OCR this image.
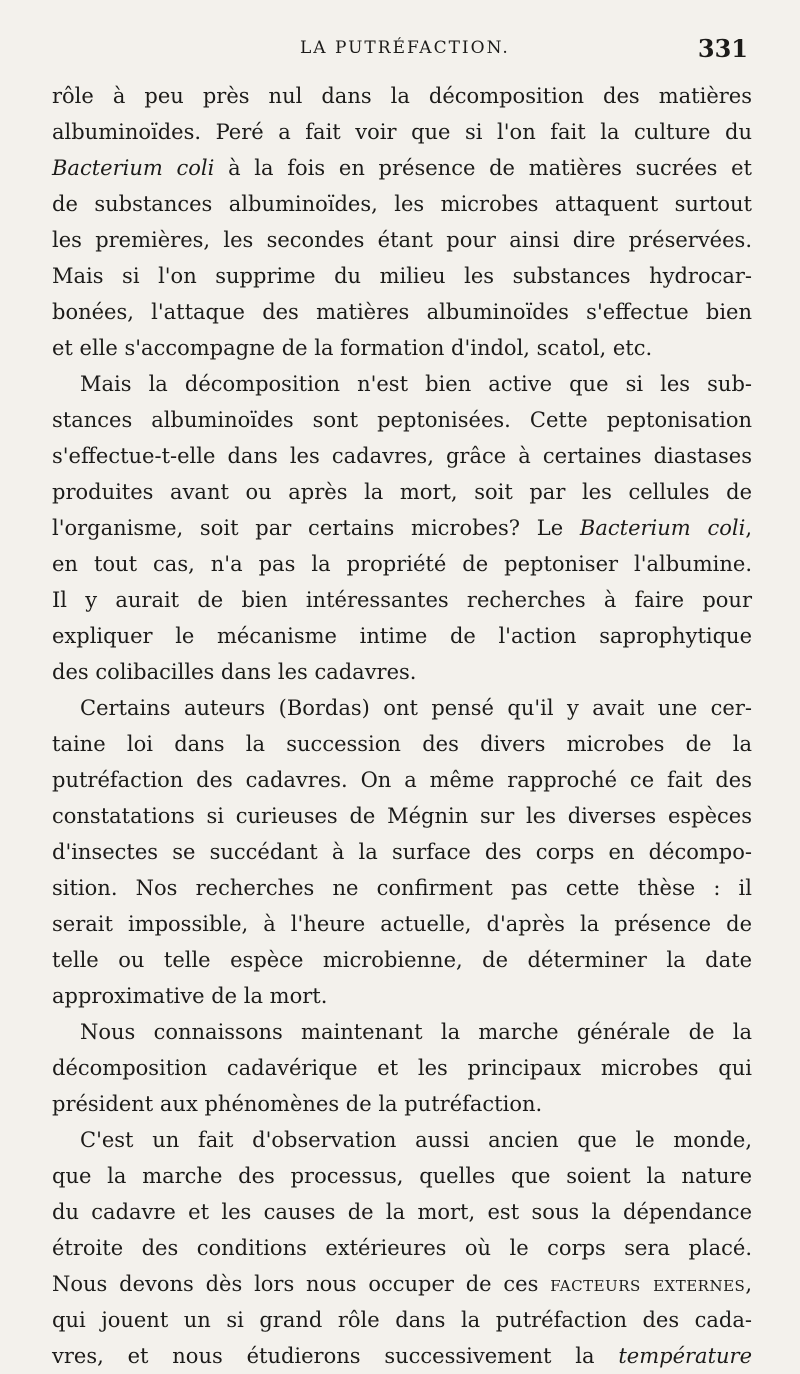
LA PUTRÉFACTION.	331
rôle à peu près nul dans la décomposition des matières
albuminoïdes. Peré a fait voir que si l'on fait la culture du
Bacterium coli à la fois en présence de matières sucrées et
de substances albuminoïdes, les microbes attaquent surtout
les premières, les secondes étant pour ainsi dire préservées.
Mais si l'on supprime du milieu les substances hydrocar-
bonées, l'attaque des matières albuminoïdes s'effectue bien
et elle s'accompagne de la formation d'indol, scatol, etc.
Mais la décomposition n'est bien active que si les sub-
stances albuminoïdes sont peptonisées. Cette peptonisation
s'effectue-t-elle dans les cadavres, grâce à certaines diastases
produites avant ou après la mort, soit par les cellules de
l'organisme, soit par certains microbes? Le Bacterium coli,
en tout cas, n'a pas la propriété de peptoniser l'albumine.
Il y aurait de bien intéressantes recherches à faire pour
expliquer le mécanisme intime de l'action saprophytique
des colibacilles dans les cadavres.
Certains auteurs (Bordas) ont pensé qu'il y avait une cer-
taine loi dans la succession des divers microbes de la
putréfaction des cadavres. On a même rapproché ce fait des
constatations si curieuses de Mégnin sur les diverses espèces
d'insectes se succédant à la surface des corps en décompo-
sition. Nos recherches ne confirment pas cette thèse : il
serait impossible, à l'heure actuelle, d'après la présence de
telle ou telle espèce microbienne, de déterminer la date
approximative de la mort.
Nous connaissons maintenant la marche générale de la
décomposition cadavérique et les principaux microbes qui
président aux phénomènes de la putréfaction.
C'est un fait d'observation aussi ancien que le monde,
que la marche des processus, quelles que soient la nature
du cadavre et les causes de la mort, est sous la dépendance
étroite des conditions extérieures où le corps sera placé.
Nous devons dès lors nous occuper de ces facteurs externes,
qui jouent un si grand rôle dans la putréfaction des cada-
vres, et nous étudierons successivement la température
